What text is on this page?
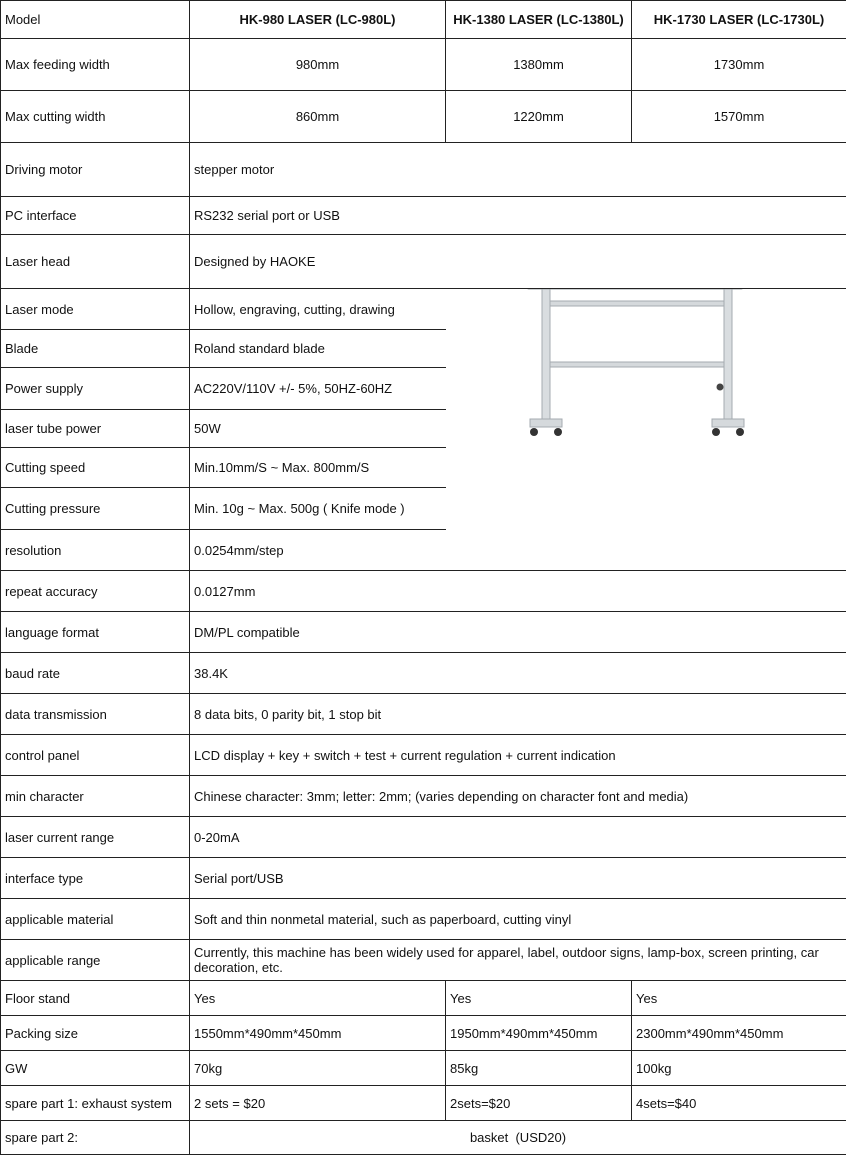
Model	HK-980 LASER (LC-980L)	HK-1380 LASER (LC-1380L)	HK-1730 LASER (LC-1730L)
Max feeding width	980mm	1380mm	1730mm
Max cutting width	860mm	1220mm	1570mm
Driving motor	stepper motor		
PC interface	RS232 serial port or USB		
Laser head	Designed by HAOKE		
Laser mode	Hollow, engraving, cutting, drawing	

Blade	Roland standard blade		
Power supply	AC220V/110V +/- 5%, 50HZ-60HZ		
laser tube power	50W		
Cutting speed	Min.10mm/S ~ Max. 800mm/S		
Cutting pressure	Min. 10g ~ Max. 500g ( Knife mode )		
resolution	0.0254mm/step		
repeat accuracy	0.0127mm		
language format	DM/PL compatible		
baud rate	38.4K		
data transmission	8 data bits, 0 parity bit, 1 stop bit		
control panel	LCD display + key + switch + test + current regulation + current indication		
min character	Chinese character: 3mm; letter: 2mm; (varies depending on character font and media)		
laser current range	0-20mA		
interface type	Serial port/USB		
applicable material	Soft and thin nonmetal material, such as paperboard, cutting vinyl		
applicable range	Currently, this machine has been widely used for apparel, label, outdoor signs, lamp-box, screen printing, car decoration, etc.		
Floor stand	Yes	Yes	Yes
Packing size	1550mm*490mm*450mm	1950mm*490mm*450mm	2300mm*490mm*450mm
GW	70kg	85kg	100kg
spare part 1: exhaust system	2 sets = $20	2sets=$20	4sets=$40
spare part 2:	basket  (USD20)		
